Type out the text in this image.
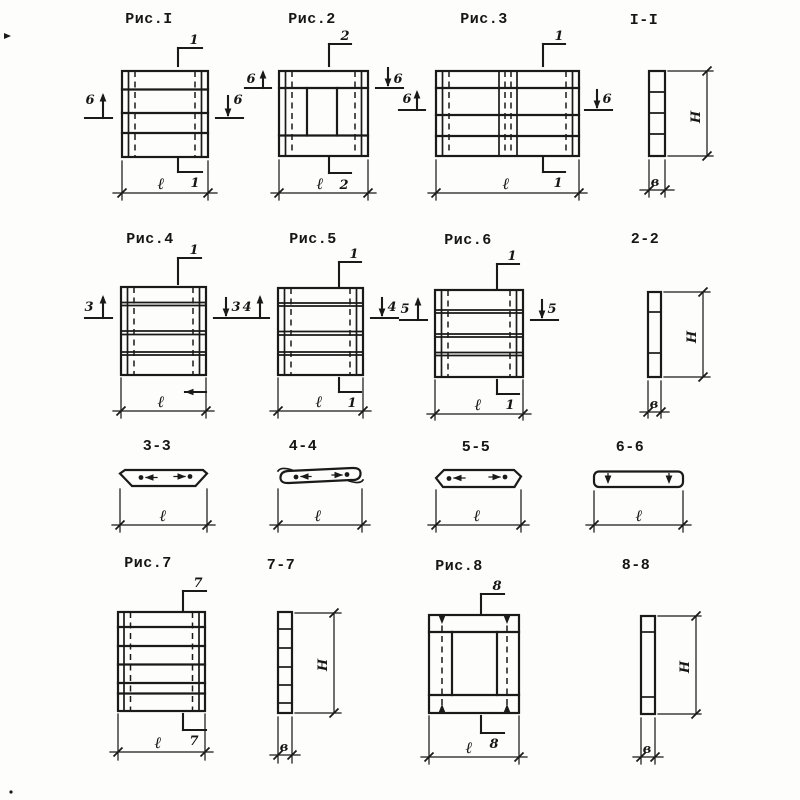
Рис.I
1
1
6	6
ℓ
Рис.2
2
2
6	6
ℓ
Рис.3
1
1
6	6
ℓ
I-I
H
в
Рис.4
1
3	3
ℓ
Рис.5
1
1
4	4
ℓ
Рис.6
1
1
5	5
ℓ
2-2
H
в
3-3
ℓ
4-4
ℓ
5-5
ℓ
6-6
ℓ
Рис.7
7
7
ℓ
7-7
H
в
Рис.8
8
8
ℓ
8-8
H
в
